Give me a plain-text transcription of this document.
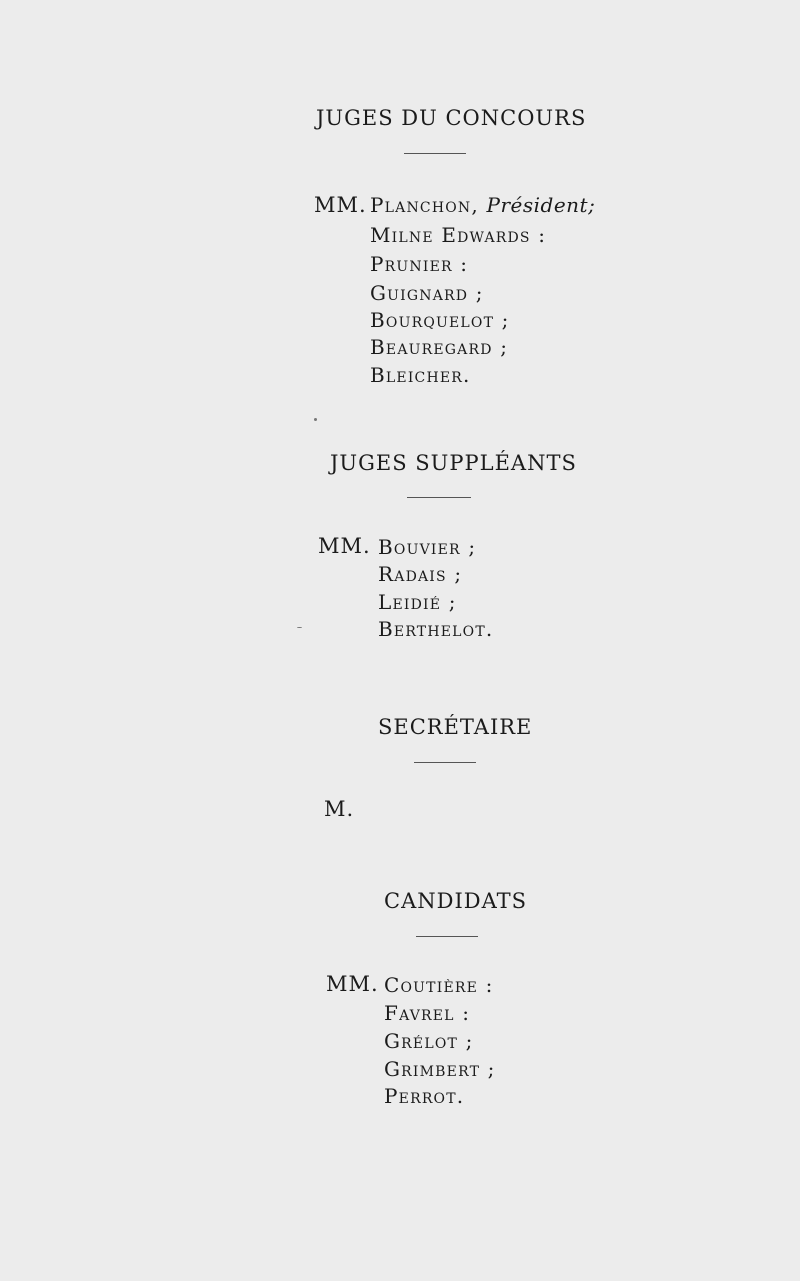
JUGES DU CONCOURS
MM. Planchon, Président;
Milne Edwards :
Prunier :
Guignard ;
Bourquelot ;
Beauregard ;
Bleicher.
JUGES SUPPLÉANTS
MM. Bouvier ;
Radais ;
Leidié ;
Berthelot.
SECRÉTAIRE
M.
CANDIDATS
MM. Coutière :
Favrel :
Grélot ;
Grimbert ;
Perrot.
